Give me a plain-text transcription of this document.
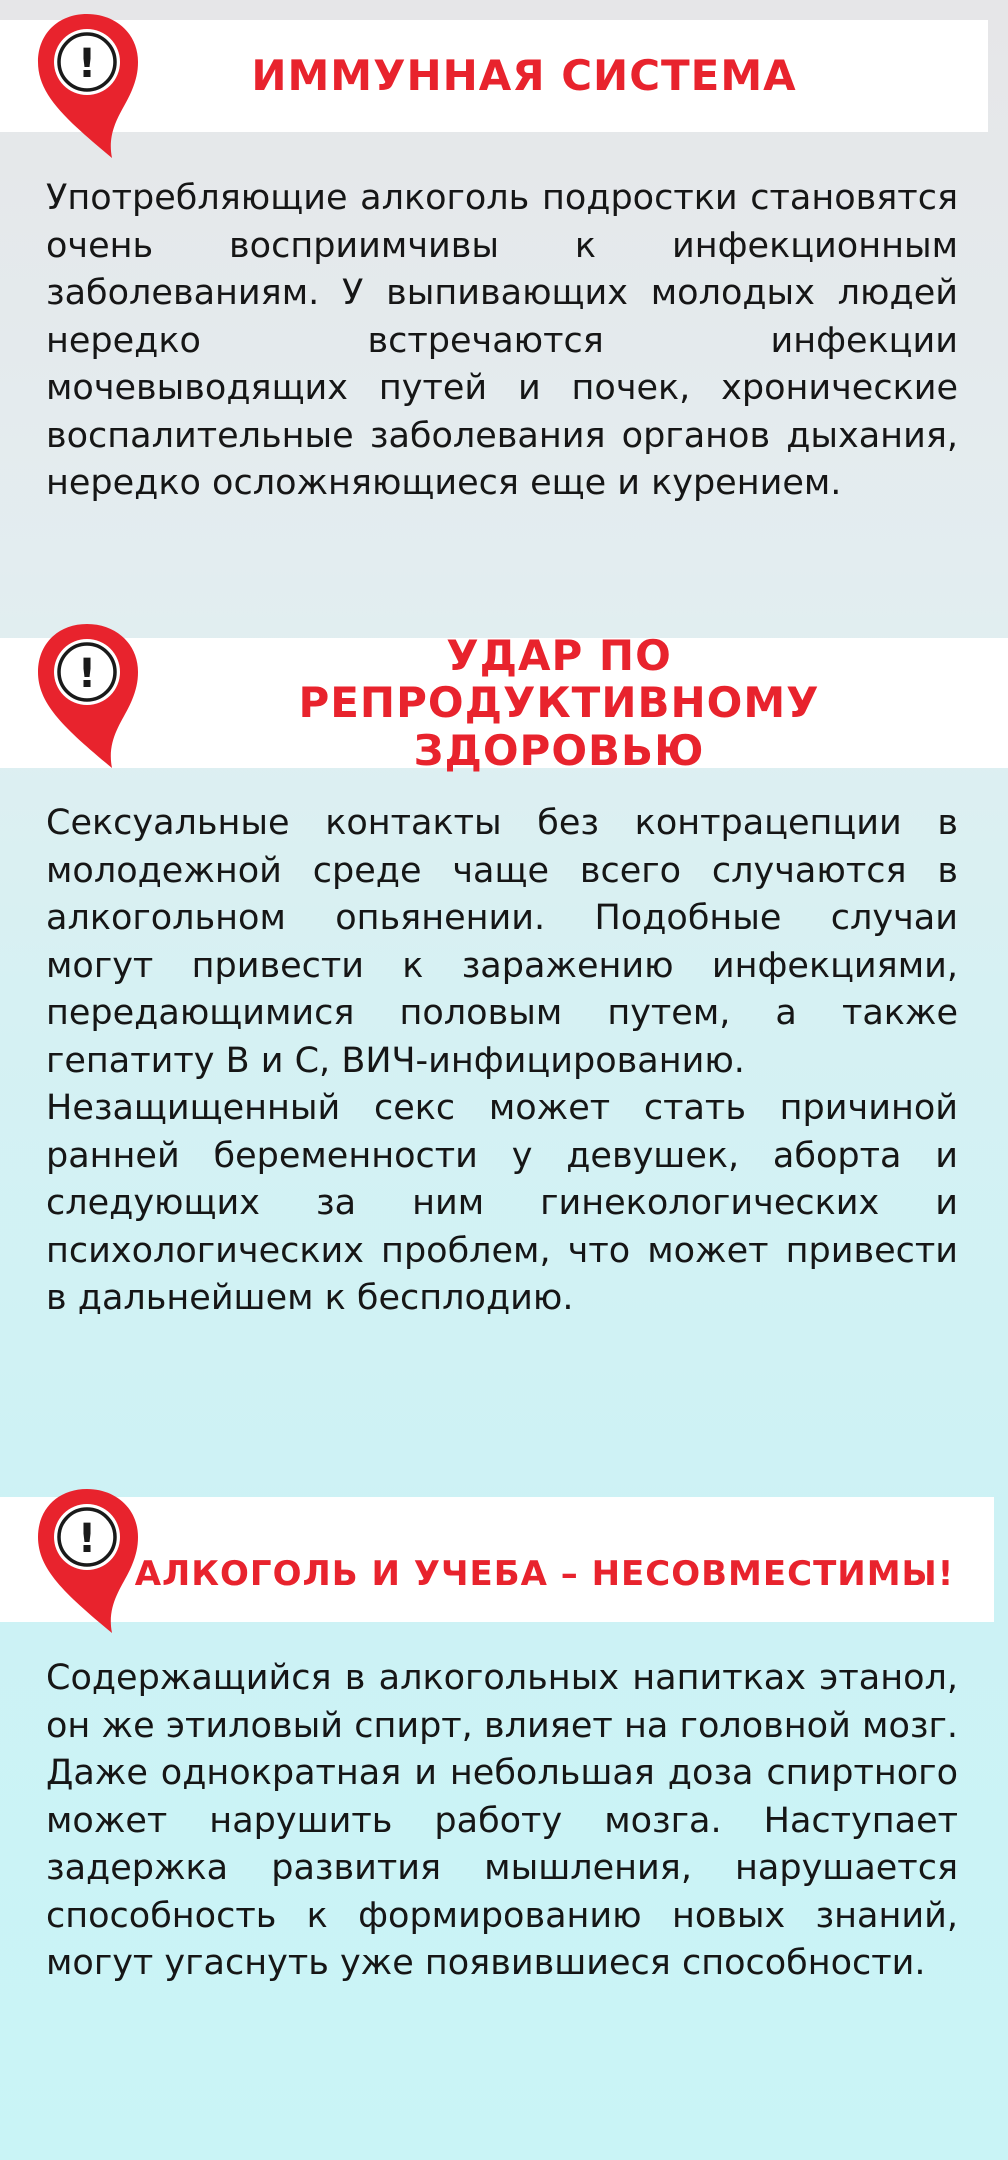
ИММУННАЯ СИСТЕМА
!

Употребляющие алкоголь подростки становятся очень восприимчивы к инфекционным заболеваниям. У выпивающих молодых людей нередко встречаются инфекции мочевыводящих путей и почек, хронические воспалительные заболевания органов дыхания, нередко осложняющиеся еще и курением.

УДАР ПО РЕПРОДУКТИВНОМУ ЗДОРОВЬЮ
!

Сексуальные контакты без контрацепции в молодежной среде чаще всего случаются в алкогольном опьянении. Подобные случаи могут привести к заражению инфекциями, передающимися половым путем, а также гепатиту В и С, ВИЧ-инфицированию.

Незащищенный секс может стать причиной ранней беременности у девушек, аборта и следующих за ним гинекологических и психологических проблем, что может привести в дальнейшем к бесплодию.

АЛКОГОЛЬ И УЧЕБА – НЕСОВМЕСТИМЫ!
!

Содержащийся в алкогольных напитках этанол, он же этиловый спирт, влияет на головной мозг. Даже однократная и небольшая доза спиртного может нарушить работу мозга. Наступает задержка развития мышления, нарушается способность к формированию новых знаний, могут угаснуть уже появившиеся способности.
